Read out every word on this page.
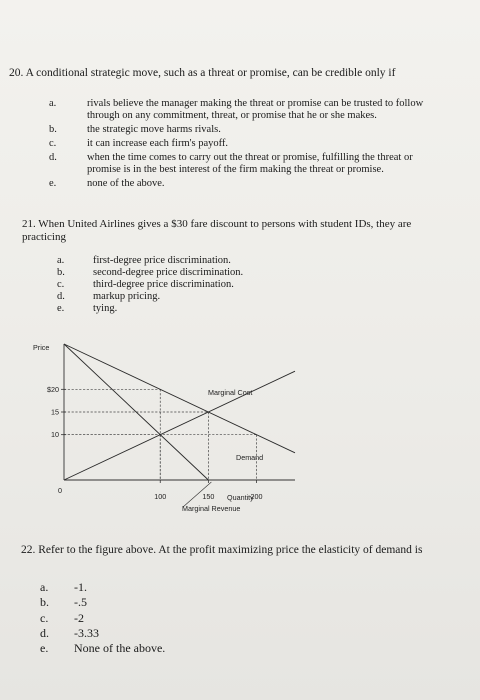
20. A conditional strategic move, such as a threat or promise, can be credible only if
a.	rivals believe the manager making the threat or promise can be trusted to follow
through on any commitment, threat, or promise that he or she makes.
b.	the strategic move harms rivals.
c.	it can increase each firm's payoff.
d.	when the time comes to carry out the threat or promise, fulfilling the threat or
promise is in the best interest of the firm making the threat or promise.
e.	none of the above.
21. When United Airlines gives a $30 fare discount to persons with student IDs, they are
practicing
a.	first-degree price discrimination.
b.	second-degree price discrimination.
c.	third-degree price discrimination.
d.	markup pricing.
e.	tying.
Price
$20
15
10
0
100	150	200
Quantity
Marginal Cost
Demand
Marginal Revenue
22. Refer to the figure above. At the profit maximizing price the elasticity of demand is
a. -1.
b. -.5
c. -2
d. -3.33
e. None of the above.
